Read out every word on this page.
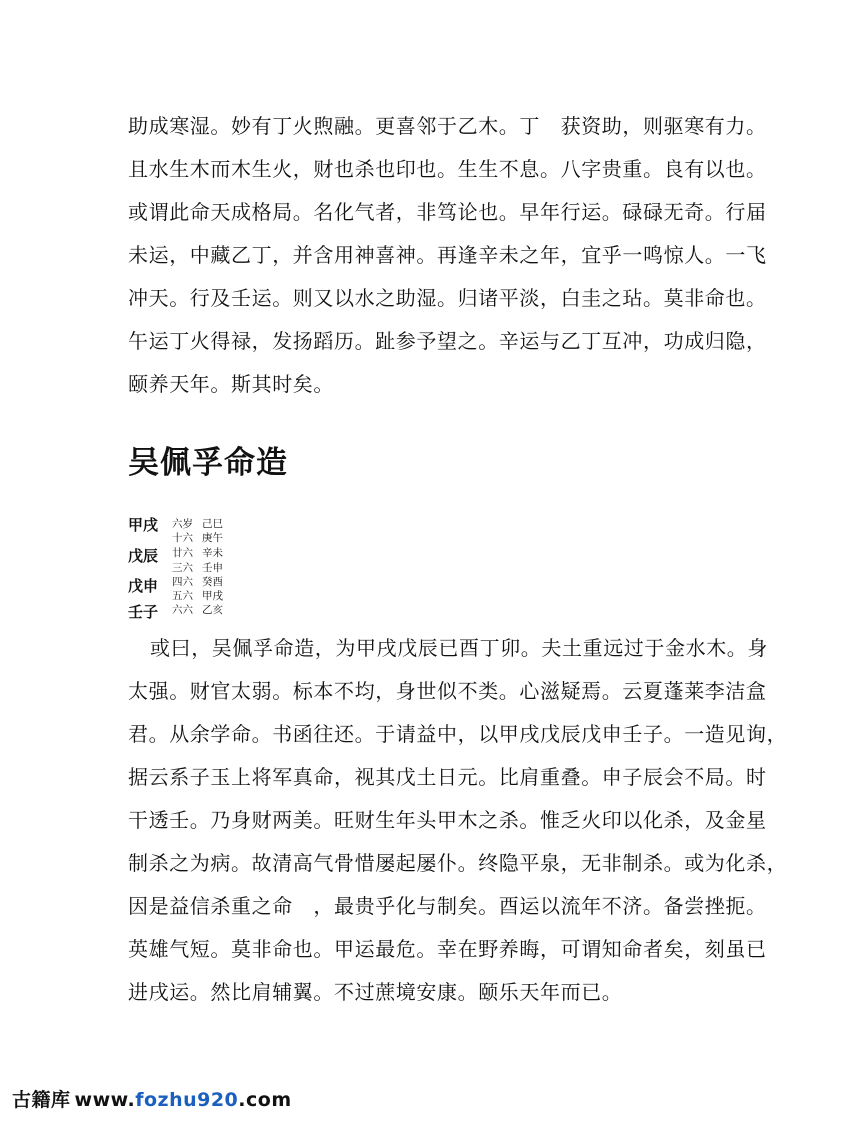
助成寒湿。妙有丁火煦融。更喜邻于乙木。丁　获资助，则驱寒有力。
且水生木而木生火，财也杀也印也。生生不息。八字贵重。良有以也。
或谓此命天成格局。名化气者，非笃论也。早年行运。碌碌无奇。行届
未运，中藏乙丁，并含用神喜神。再逢辛未之年，宜乎一鸣惊人。一飞
冲天。行及壬运。则又以水之助湿。归诸平淡，白圭之玷。莫非命也。
午运丁火得禄，发扬蹈历。趾参予望之。辛运与乙丁互冲，功成归隐，
颐养天年。斯其时矣。
吴佩孚命造
甲戌
戊辰
戊申
壬子
六岁 己巳
十六 庚午
廿六 辛未
三六 壬申
四六 癸酉
五六 甲戌
六六 乙亥
或曰，吴佩孚命造，为甲戌戊辰已酉丁卯。夫土重远过于金水木。身
太强。财官太弱。标本不均，身世似不类。心滋疑焉。云夏蓬莱李洁盒
君。从余学命。书函往还。于请益中，以甲戌戊辰戊申壬子。一造见询，
据云系子玉上将军真命，视其戊土日元。比肩重叠。申子辰会不局。时
干透壬。乃身财两美。旺财生年头甲木之杀。惟乏火印以化杀，及金星
制杀之为病。故清高气骨惜屡起屡仆。终隐平泉，无非制杀。或为化杀，
因是益信杀重之命　，最贵乎化与制矣。酉运以流年不济。备尝挫扼。
英雄气短。莫非命也。甲运最危。幸在野养晦，可谓知命者矣，刻虽已
进戌运。然比肩辅翼。不过蔗境安康。颐乐天年而已。
古籍库 www.fozhu920.com
